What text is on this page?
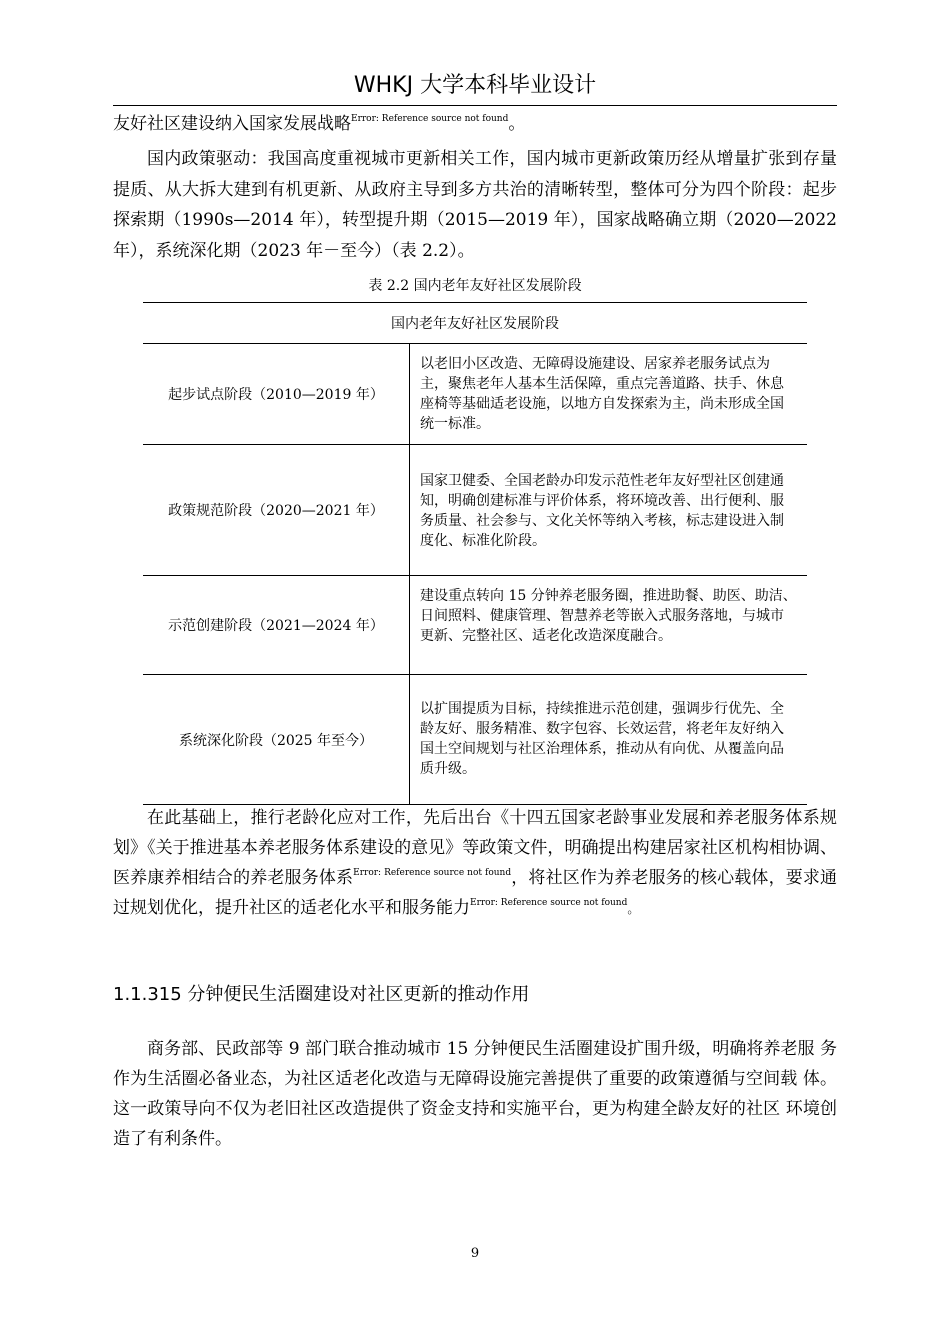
WHKJ 大学本科毕业设计

友好社区建设纳入国家发展战略$^{Error: Reference source not found}$。

国内政策驱动：我国高度重视城市更新相关工作，国内城市更新政策历经从增量扩张到存量提质、从大拆大建到有机更新、从政府主导到多方共治的清晰转型，整体可分为四个阶段：起步探索期（1990s—2014 年），转型提升期（2015—2019 年），国家战略确立期（2020—2022 年），系统深化期（2023 年－至今）（表 2.2）。

表 2.2 国内老年友好社区发展阶段
国内老年友好社区发展阶段	
起步试点阶段（2010—2019 年）	以老旧小区改造、无障碍设施建设、居家养老服务试点为主，聚焦老年人基本生活保障，重点完善道路、扶手、休息座椅等基础适老设施，以地方自发探索为主，尚未形成全国统一标准。
政策规范阶段（2020—2021 年）	国家卫健委、全国老龄办印发示范性老年友好型社区创建通知，明确创建标准与评价体系，将环境改善、出行便利、服务质量、社会参与、文化关怀等纳入考核，标志建设进入制度化、标准化阶段。
示范创建阶段（2021—2024 年）	建设重点转向 15 分钟养老服务圈，推进助餐、助医、助洁、日间照料、健康管理、智慧养老等嵌入式服务落地，与城市更新、完整社区、适老化改造深度融合。
系统深化阶段（2025 年至今）	以扩围提质为目标，持续推进示范创建，强调步行优先、全龄友好、服务精准、数字包容、长效运营，将老年友好纳入国土空间规划与社区治理体系，推动从有向优、从覆盖向品质升级。

在此基础上，推行老龄化应对工作，先后出台《十四五国家老龄事业发展和养老服务体系规划》《关于推进基本养老服务体系建设的意见》等政策文件，明确提出构建居家社区机构相协调、医养康养相结合的养老服务体系$^{Error: Reference source not found}$，将社区作为养老服务的核心载体，要求通过规划优化，提升社区的适老化水平和服务能力$^{Error: Reference source not found}$。

1.1.315 分钟便民生活圈建设对社区更新的推动作用

商务部、民政部等 9 部门联合推动城市 15 分钟便民生活圈建设扩围升级，明确将养老服 务作为生活圈必备业态，为社区适老化改造与无障碍设施完善提供了重要的政策遵循与空间载 体。这一政策导向不仅为老旧社区改造提供了资金支持和实施平台，更为构建全龄友好的社区 环境创造了有利条件。

9
